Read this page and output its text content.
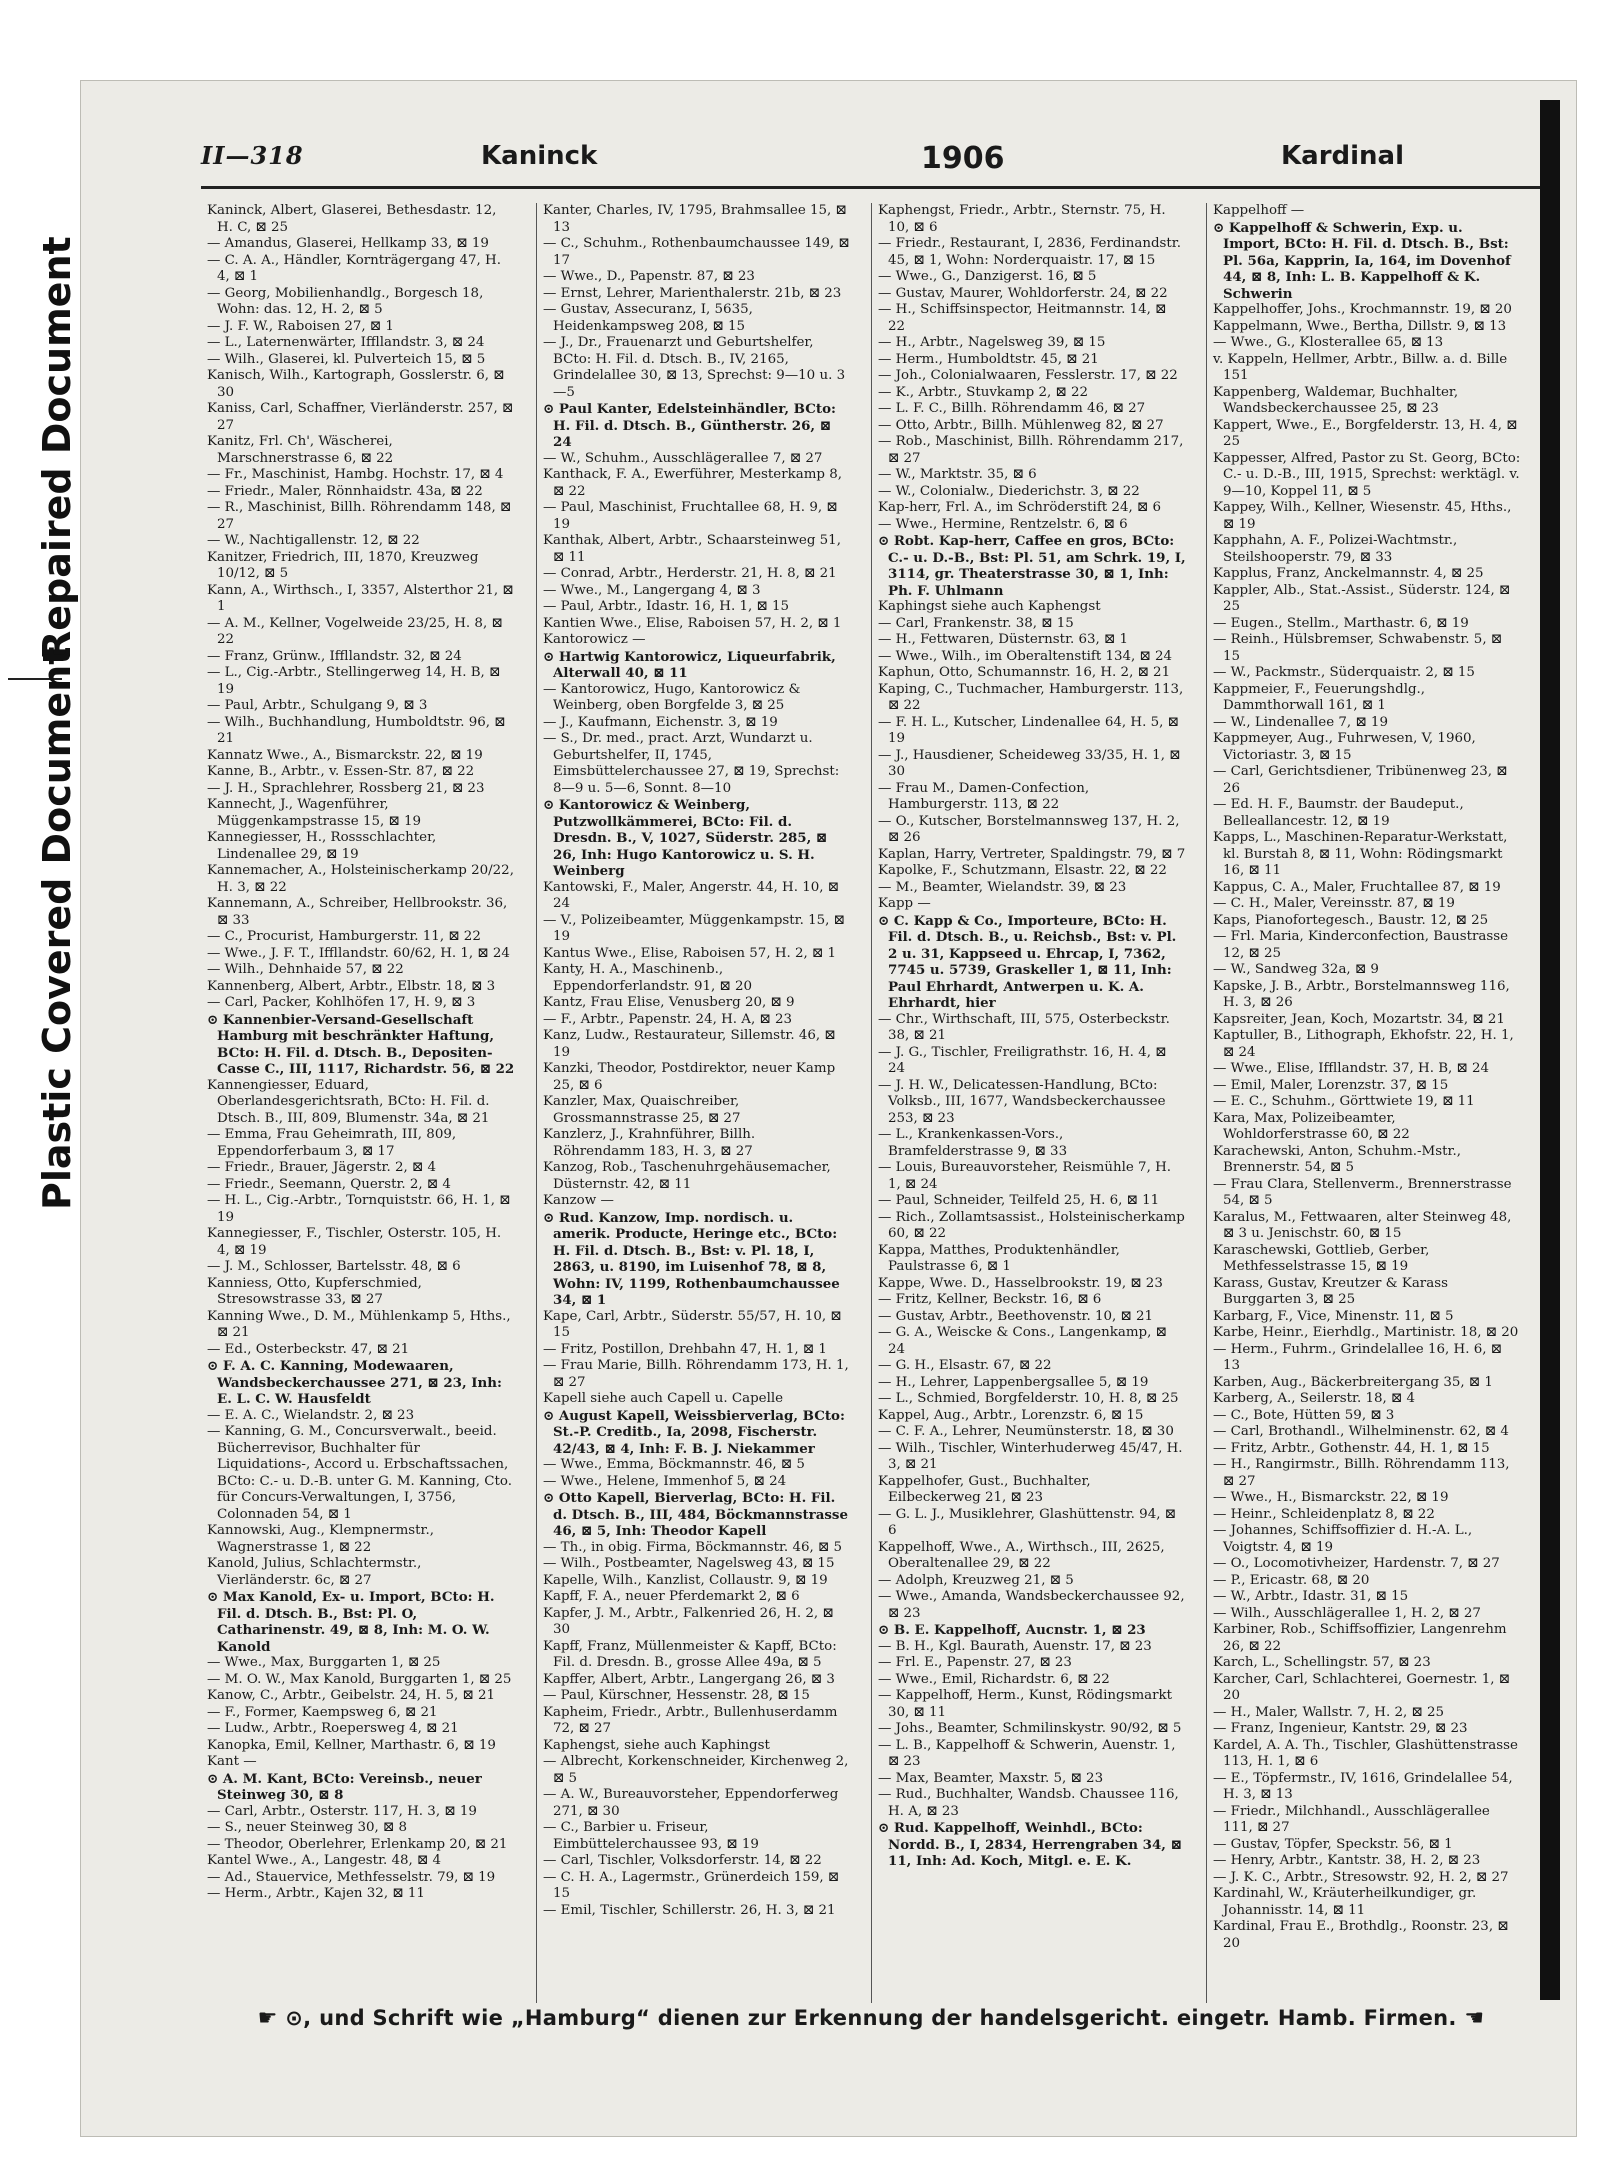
Repaired Document
Plastic Covered Document
II—318	Kaninck	1906	Kardinal

Kaninck, Albert, Glaserei, Bethesdastr. 12, H. C, ⊠ 25

— Amandus, Glaserei, Hellkamp 33, ⊠ 19

— C. A. A., Händler, Kornträgergang 47, H. 4, ⊠ 1

— Georg, Mobilienhandlg., Borgesch 18, Wohn: das. 12, H. 2, ⊠ 5

— J. F. W., Raboisen 27, ⊠ 1

— L., Laternenwärter, Iffllandstr. 3, ⊠ 24

— Wilh., Glaserei, kl. Pulverteich 15, ⊠ 5

Kanisch, Wilh., Kartograph, Gosslerstr. 6, ⊠ 30

Kaniss, Carl, Schaffner, Vierländerstr. 257, ⊠ 27

Kanitz, Frl. Ch', Wäscherei, Marschnerstrasse 6, ⊠ 22

— Fr., Maschinist, Hambg. Hochstr. 17, ⊠ 4

— Friedr., Maler, Rönnhaidstr. 43a, ⊠ 22

— R., Maschinist, Billh. Röhrendamm 148, ⊠ 27

— W., Nachtigallenstr. 12, ⊠ 22

Kanitzer, Friedrich, III, 1870, Kreuzweg 10/12, ⊠ 5

Kann, A., Wirthsch., I, 3357, Alsterthor 21, ⊠ 1

— A. M., Kellner, Vogelweide 23/25, H. 8, ⊠ 22

— Franz, Grünw., Iffllandstr. 32, ⊠ 24

— L., Cig.-Arbtr., Stellingerweg 14, H. B, ⊠ 19

— Paul, Arbtr., Schulgang 9, ⊠ 3

— Wilh., Buchhandlung, Humboldtstr. 96, ⊠ 21

Kannatz Wwe., A., Bismarckstr. 22, ⊠ 19

Kanne, B., Arbtr., v. Essen-Str. 87, ⊠ 22

— J. H., Sprachlehrer, Rossberg 21, ⊠ 23

Kannecht, J., Wagenführer, Müggenkampstrasse 15, ⊠ 19

Kannegiesser, H., Rossschlachter, Lindenallee 29, ⊠ 19

Kannemacher, A., Holsteinischerkamp 20/22, H. 3, ⊠ 22

Kannemann, A., Schreiber, Hellbrookstr. 36, ⊠ 33

— C., Procurist, Hamburgerstr. 11, ⊠ 22

— Wwe., J. F. T., Iffllandstr. 60/62, H. 1, ⊠ 24

— Wilh., Dehnhaide 57, ⊠ 22

Kannenberg, Albert, Arbtr., Elbstr. 18, ⊠ 3

— Carl, Packer, Kohlhöfen 17, H. 9, ⊠ 3

⊙ Kannenbier-Versand-Gesellschaft Hamburg mit beschränkter Haftung, BCto: H. Fil. d. Dtsch. B., Depositen-Casse C., III, 1117, Richardstr. 56, ⊠ 22

Kannengiesser, Eduard, Oberlandesgerichtsrath, BCto: H. Fil. d. Dtsch. B., III, 809, Blumenstr. 34a, ⊠ 21

— Emma, Frau Geheimrath, III, 809, Eppendorferbaum 3, ⊠ 17

— Friedr., Brauer, Jägerstr. 2, ⊠ 4

— Friedr., Seemann, Querstr. 2, ⊠ 4

— H. L., Cig.-Arbtr., Tornquiststr. 66, H. 1, ⊠ 19

Kannegiesser, F., Tischler, Osterstr. 105, H. 4, ⊠ 19

— J. M., Schlosser, Bartelsstr. 48, ⊠ 6

Kanniess, Otto, Kupferschmied, Stresowstrasse 33, ⊠ 27

Kanning Wwe., D. M., Mühlenkamp 5, Hths., ⊠ 21

— Ed., Osterbeckstr. 47, ⊠ 21

⊙ F. A. C. Kanning, Modewaaren, Wandsbeckerchaussee 271, ⊠ 23, Inh: E. L. C. W. Hausfeldt

— E. A. C., Wielandstr. 2, ⊠ 23

— Kanning, G. M., Concursverwalt., beeid. Bücherrevisor, Buchhalter für Liquidations-, Accord u. Erbschaftssachen, BCto: C.- u. D.-B. unter G. M. Kanning, Cto. für Concurs-Verwaltungen, I, 3756, Colonnaden 54, ⊠ 1

Kannowski, Aug., Klempnermstr., Wagnerstrasse 1, ⊠ 22

Kanold, Julius, Schlachtermstr., Vierländerstr. 6c, ⊠ 27

⊙ Max Kanold, Ex- u. Import, BCto: H. Fil. d. Dtsch. B., Bst: Pl. O, Catharinenstr. 49, ⊠ 8, Inh: M. O. W. Kanold

— Wwe., Max, Burggarten 1, ⊠ 25

— M. O. W., Max Kanold, Burggarten 1, ⊠ 25

Kanow, C., Arbtr., Geibelstr. 24, H. 5, ⊠ 21

— F., Former, Kaempsweg 6, ⊠ 21

— Ludw., Arbtr., Roepersweg 4, ⊠ 21

Kanopka, Emil, Kellner, Marthastr. 6, ⊠ 19

Kant —

⊙ A. M. Kant, BCto: Vereinsb., neuer Steinweg 30, ⊠ 8

— Carl, Arbtr., Osterstr. 117, H. 3, ⊠ 19

— S., neuer Steinweg 30, ⊠ 8

— Theodor, Oberlehrer, Erlenkamp 20, ⊠ 21

Kantel Wwe., A., Langestr. 48, ⊠ 4

— Ad., Stauervice, Methfesselstr. 79, ⊠ 19

— Herm., Arbtr., Kajen 32, ⊠ 11

Kanter, Charles, IV, 1795, Brahmsallee 15, ⊠ 13

— C., Schuhm., Rothenbaumchaussee 149, ⊠ 17

— Wwe., D., Papenstr. 87, ⊠ 23

— Ernst, Lehrer, Marienthalerstr. 21b, ⊠ 23

— Gustav, Assecuranz, I, 5635, Heidenkampsweg 208, ⊠ 15

— J., Dr., Frauenarzt und Geburtshelfer, BCto: H. Fil. d. Dtsch. B., IV, 2165, Grindelallee 30, ⊠ 13, Sprechst: 9—10 u. 3—5

⊙ Paul Kanter, Edelsteinhändler, BCto: H. Fil. d. Dtsch. B., Güntherstr. 26, ⊠ 24

— W., Schuhm., Ausschlägerallee 7, ⊠ 27

Kanthack, F. A., Ewerführer, Mesterkamp 8, ⊠ 22

— Paul, Maschinist, Fruchtallee 68, H. 9, ⊠ 19

Kanthak, Albert, Arbtr., Schaarsteinweg 51, ⊠ 11

— Conrad, Arbtr., Herderstr. 21, H. 8, ⊠ 21

— Wwe., M., Langergang 4, ⊠ 3

— Paul, Arbtr., Idastr. 16, H. 1, ⊠ 15

Kantien Wwe., Elise, Raboisen 57, H. 2, ⊠ 1

Kantorowicz —

⊙ Hartwig Kantorowicz, Liqueurfabrik, Alterwall 40, ⊠ 11

— Kantorowicz, Hugo, Kantorowicz & Weinberg, oben Borgfelde 3, ⊠ 25

— J., Kaufmann, Eichenstr. 3, ⊠ 19

— S., Dr. med., pract. Arzt, Wundarzt u. Geburtshelfer, II, 1745, Eimsbüttelerchaussee 27, ⊠ 19, Sprechst: 8—9 u. 5—6, Sonnt. 8—10

⊙ Kantorowicz & Weinberg, Putzwollkämmerei, BCto: Fil. d. Dresdn. B., V, 1027, Süderstr. 285, ⊠ 26, Inh: Hugo Kantorowicz u. S. H. Weinberg

Kantowski, F., Maler, Angerstr. 44, H. 10, ⊠ 24

— V., Polizeibeamter, Müggenkampstr. 15, ⊠ 19

Kantus Wwe., Elise, Raboisen 57, H. 2, ⊠ 1

Kanty, H. A., Maschinenb., Eppendorferlandstr. 91, ⊠ 20

Kantz, Frau Elise, Venusberg 20, ⊠ 9

— F., Arbtr., Papenstr. 24, H. A, ⊠ 23

Kanz, Ludw., Restaurateur, Sillemstr. 46, ⊠ 19

Kanzki, Theodor, Postdirektor, neuer Kamp 25, ⊠ 6

Kanzler, Max, Quaischreiber, Grossmannstrasse 25, ⊠ 27

Kanzlerz, J., Krahnführer, Billh. Röhrendamm 183, H. 3, ⊠ 27

Kanzog, Rob., Taschenuhrgehäusemacher, Düsternstr. 42, ⊠ 11

Kanzow —

⊙ Rud. Kanzow, Imp. nordisch. u. amerik. Producte, Heringe etc., BCto: H. Fil. d. Dtsch. B., Bst: v. Pl. 18, I, 2863, u. 8190, im Luisenhof 78, ⊠ 8, Wohn: IV, 1199, Rothenbaumchaussee 34, ⊠ 1

Kape, Carl, Arbtr., Süderstr. 55/57, H. 10, ⊠ 15

— Fritz, Postillon, Drehbahn 47, H. 1, ⊠ 1

— Frau Marie, Billh. Röhrendamm 173, H. 1, ⊠ 27

Kapell siehe auch Capell u. Capelle

⊙ August Kapell, Weissbierverlag, BCto: St.-P. Creditb., Ia, 2098, Fischerstr. 42/43, ⊠ 4, Inh: F. B. J. Niekammer

— Wwe., Emma, Böckmannstr. 46, ⊠ 5

— Wwe., Helene, Immenhof 5, ⊠ 24

⊙ Otto Kapell, Bierverlag, BCto: H. Fil. d. Dtsch. B., III, 484, Böckmannstrasse 46, ⊠ 5, Inh: Theodor Kapell

— Th., in obig. Firma, Böckmannstr. 46, ⊠ 5

— Wilh., Postbeamter, Nagelsweg 43, ⊠ 15

Kapelle, Wilh., Kanzlist, Collaustr. 9, ⊠ 19

Kapff, F. A., neuer Pferdemarkt 2, ⊠ 6

Kapfer, J. M., Arbtr., Falkenried 26, H. 2, ⊠ 30

Kapff, Franz, Müllenmeister & Kapff, BCto: Fil. d. Dresdn. B., grosse Allee 49a, ⊠ 5

Kapffer, Albert, Arbtr., Langergang 26, ⊠ 3

— Paul, Kürschner, Hessenstr. 28, ⊠ 15

Kapheim, Friedr., Arbtr., Bullenhuserdamm 72, ⊠ 27

Kaphengst, siehe auch Kaphingst

— Albrecht, Korkenschneider, Kirchenweg 2, ⊠ 5

— A. W., Bureauvorsteher, Eppendorferweg 271, ⊠ 30

— C., Barbier u. Friseur, Eimbüttelerchaussee 93, ⊠ 19

— Carl, Tischler, Volksdorferstr. 14, ⊠ 22

— C. H. A., Lagermstr., Grünerdeich 159, ⊠ 15

— Emil, Tischler, Schillerstr. 26, H. 3, ⊠ 21

Kaphengst, Friedr., Arbtr., Sternstr. 75, H. 10, ⊠ 6

— Friedr., Restaurant, I, 2836, Ferdinandstr. 45, ⊠ 1, Wohn: Norderquaistr. 17, ⊠ 15

— Wwe., G., Danzigerst. 16, ⊠ 5

— Gustav, Maurer, Wohldorferstr. 24, ⊠ 22

— H., Schiffsinspector, Heitmannstr. 14, ⊠ 22

— H., Arbtr., Nagelsweg 39, ⊠ 15

— Herm., Humboldtstr. 45, ⊠ 21

— Joh., Colonialwaaren, Fesslerstr. 17, ⊠ 22

— K., Arbtr., Stuvkamp 2, ⊠ 22

— L. F. C., Billh. Röhrendamm 46, ⊠ 27

— Otto, Arbtr., Billh. Mühlenweg 82, ⊠ 27

— Rob., Maschinist, Billh. Röhrendamm 217, ⊠ 27

— W., Marktstr. 35, ⊠ 6

— W., Colonialw., Diederichstr. 3, ⊠ 22

Kap-herr, Frl. A., im Schröderstift 24, ⊠ 6

— Wwe., Hermine, Rentzelstr. 6, ⊠ 6

⊙ Robt. Kap-herr, Caffee en gros, BCto: C.- u. D.-B., Bst: Pl. 51, am Schrk. 19, I, 3114, gr. Theaterstrasse 30, ⊠ 1, Inh: Ph. F. Uhlmann

Kaphingst siehe auch Kaphengst

— Carl, Frankenstr. 38, ⊠ 15

— H., Fettwaren, Düsternstr. 63, ⊠ 1

— Wwe., Wilh., im Oberaltenstift 134, ⊠ 24

Kaphun, Otto, Schumannstr. 16, H. 2, ⊠ 21

Kaping, C., Tuchmacher, Hamburgerstr. 113, ⊠ 22

— F. H. L., Kutscher, Lindenallee 64, H. 5, ⊠ 19

— J., Hausdiener, Scheideweg 33/35, H. 1, ⊠ 30

— Frau M., Damen-Confection, Hamburgerstr. 113, ⊠ 22

— O., Kutscher, Borstelmannsweg 137, H. 2, ⊠ 26

Kaplan, Harry, Vertreter, Spaldingstr. 79, ⊠ 7

Kapolke, F., Schutzmann, Elsastr. 22, ⊠ 22

— M., Beamter, Wielandstr. 39, ⊠ 23

Kapp —

⊙ C. Kapp & Co., Importeure, BCto: H. Fil. d. Dtsch. B., u. Reichsb., Bst: v. Pl. 2 u. 31, Kappseed u. Ehrcap, I, 7362, 7745 u. 5739, Graskeller 1, ⊠ 11, Inh: Paul Ehrhardt, Antwerpen u. K. A. Ehrhardt, hier

— Chr., Wirthschaft, III, 575, Osterbeckstr. 38, ⊠ 21

— J. G., Tischler, Freiligrathstr. 16, H. 4, ⊠ 24

— J. H. W., Delicatessen-Handlung, BCto: Volksb., III, 1677, Wandsbeckerchaussee 253, ⊠ 23

— L., Krankenkassen-Vors., Bramfelderstrasse 9, ⊠ 33

— Louis, Bureauvorsteher, Reismühle 7, H. 1, ⊠ 24

— Paul, Schneider, Teilfeld 25, H. 6, ⊠ 11

— Rich., Zollamtsassist., Holsteinischerkamp 60, ⊠ 22

Kappa, Matthes, Produktenhändler, Paulstrasse 6, ⊠ 1

Kappe, Wwe. D., Hasselbrookstr. 19, ⊠ 23

— Fritz, Kellner, Beckstr. 16, ⊠ 6

— Gustav, Arbtr., Beethovenstr. 10, ⊠ 21

— G. A., Weiscke & Cons., Langenkamp, ⊠ 24

— G. H., Elsastr. 67, ⊠ 22

— H., Lehrer, Lappenbergsallee 5, ⊠ 19

— L., Schmied, Borgfelderstr. 10, H. 8, ⊠ 25

Kappel, Aug., Arbtr., Lorenzstr. 6, ⊠ 15

— C. F. A., Lehrer, Neumünsterstr. 18, ⊠ 30

— Wilh., Tischler, Winterhuderweg 45/47, H. 3, ⊠ 21

Kappelhofer, Gust., Buchhalter, Eilbeckerweg 21, ⊠ 23

— G. L. J., Musiklehrer, Glashüttenstr. 94, ⊠ 6

Kappelhoff, Wwe., A., Wirthsch., III, 2625, Oberaltenallee 29, ⊠ 22

— Adolph, Kreuzweg 21, ⊠ 5

— Wwe., Amanda, Wandsbeckerchaussee 92, ⊠ 23

⊙ B. E. Kappelhoff, Aucnstr. 1, ⊠ 23

— B. H., Kgl. Baurath, Auenstr. 17, ⊠ 23

— Frl. E., Papenstr. 27, ⊠ 23

— Wwe., Emil, Richardstr. 6, ⊠ 22

— Kappelhoff, Herm., Kunst, Rödingsmarkt 30, ⊠ 11

— Johs., Beamter, Schmilinskystr. 90/92, ⊠ 5

— L. B., Kappelhoff & Schwerin, Auenstr. 1, ⊠ 23

— Max, Beamter, Maxstr. 5, ⊠ 23

— Rud., Buchhalter, Wandsb. Chaussee 116, H. A, ⊠ 23

⊙ Rud. Kappelhoff, Weinhdl., BCto: Nordd. B., I, 2834, Herrengraben 34, ⊠ 11, Inh: Ad. Koch, Mitgl. e. E. K.

Kappelhoff —

⊙ Kappelhoff & Schwerin, Exp. u. Import, BCto: H. Fil. d. Dtsch. B., Bst: Pl. 56a, Kapprin, Ia, 164, im Dovenhof 44, ⊠ 8, Inh: L. B. Kappelhoff & K. Schwerin

Kappelhoffer, Johs., Krochmannstr. 19, ⊠ 20

Kappelmann, Wwe., Bertha, Dillstr. 9, ⊠ 13

— Wwe., G., Klosterallee 65, ⊠ 13

v. Kappeln, Hellmer, Arbtr., Billw. a. d. Bille 151

Kappenberg, Waldemar, Buchhalter, Wandsbeckerchaussee 25, ⊠ 23

Kappert, Wwe., E., Borgfelderstr. 13, H. 4, ⊠ 25

Kappesser, Alfred, Pastor zu St. Georg, BCto: C.- u. D.-B., III, 1915, Sprechst: werktägl. v. 9—10, Koppel 11, ⊠ 5

Kappey, Wilh., Kellner, Wiesenstr. 45, Hths., ⊠ 19

Kapphahn, A. F., Polizei-Wachtmstr., Steilshooperstr. 79, ⊠ 33

Kapplus, Franz, Anckelmannstr. 4, ⊠ 25

Kappler, Alb., Stat.-Assist., Süderstr. 124, ⊠ 25

— Eugen., Stellm., Marthastr. 6, ⊠ 19

— Reinh., Hülsbremser, Schwabenstr. 5, ⊠ 15

— W., Packmstr., Süderquaistr. 2, ⊠ 15

Kappmeier, F., Feuerungshdlg., Dammthorwall 161, ⊠ 1

— W., Lindenallee 7, ⊠ 19

Kappmeyer, Aug., Fuhrwesen, V, 1960, Victoriastr. 3, ⊠ 15

— Carl, Gerichtsdiener, Tribünenweg 23, ⊠ 26

— Ed. H. F., Baumstr. der Baudeput., Belleallancestr. 12, ⊠ 19

Kapps, L., Maschinen-Reparatur-Werkstatt, kl. Burstah 8, ⊠ 11, Wohn: Rödingsmarkt 16, ⊠ 11

Kappus, C. A., Maler, Fruchtallee 87, ⊠ 19

— C. H., Maler, Vereinsstr. 87, ⊠ 19

Kaps, Pianofortegesch., Baustr. 12, ⊠ 25

— Frl. Maria, Kinderconfection, Baustrasse 12, ⊠ 25

— W., Sandweg 32a, ⊠ 9

Kapske, J. B., Arbtr., Borstelmannsweg 116, H. 3, ⊠ 26

Kapsreiter, Jean, Koch, Mozartstr. 34, ⊠ 21

Kaptuller, B., Lithograph, Ekhofstr. 22, H. 1, ⊠ 24

— Wwe., Elise, Iffllandstr. 37, H. B, ⊠ 24

— Emil, Maler, Lorenzstr. 37, ⊠ 15

— E. C., Schuhm., Görttwiete 19, ⊠ 11

Kara, Max, Polizeibeamter, Wohldorferstrasse 60, ⊠ 22

Karachewski, Anton, Schuhm.-Mstr., Brennerstr. 54, ⊠ 5

— Frau Clara, Stellenverm., Brennerstrasse 54, ⊠ 5

Karalus, M., Fettwaaren, alter Steinweg 48, ⊠ 3 u. Jenischstr. 60, ⊠ 15

Karaschewski, Gottlieb, Gerber, Methfesselstrasse 15, ⊠ 19

Karass, Gustav, Kreutzer & Karass Burggarten 3, ⊠ 25

Karbarg, F., Vice, Minenstr. 11, ⊠ 5

Karbe, Heinr., Eierhdlg., Martinistr. 18, ⊠ 20

— Herm., Fuhrm., Grindelallee 16, H. 6, ⊠ 13

Karben, Aug., Bäckerbreitergang 35, ⊠ 1

Karberg, A., Seilerstr. 18, ⊠ 4

— C., Bote, Hütten 59, ⊠ 3

— Carl, Brothandl., Wilhelminenstr. 62, ⊠ 4

— Fritz, Arbtr., Gothenstr. 44, H. 1, ⊠ 15

— H., Rangirmstr., Billh. Röhrendamm 113, ⊠ 27

— Wwe., H., Bismarckstr. 22, ⊠ 19

— Heinr., Schleidenplatz 8, ⊠ 22

— Johannes, Schiffsoffizier d. H.-A. L., Voigtstr. 4, ⊠ 19

— O., Locomotivheizer, Hardenstr. 7, ⊠ 27

— P., Ericastr. 68, ⊠ 20

— W., Arbtr., Idastr. 31, ⊠ 15

— Wilh., Ausschlägerallee 1, H. 2, ⊠ 27

Karbiner, Rob., Schiffsoffizier, Langenrehm 26, ⊠ 22

Karch, L., Schellingstr. 57, ⊠ 23

Karcher, Carl, Schlachterei, Goernestr. 1, ⊠ 20

— H., Maler, Wallstr. 7, H. 2, ⊠ 25

— Franz, Ingenieur, Kantstr. 29, ⊠ 23

Kardel, A. A. Th., Tischler, Glashüttenstrasse 113, H. 1, ⊠ 6

— E., Töpfermstr., IV, 1616, Grindelallee 54, H. 3, ⊠ 13

— Friedr., Milchhandl., Ausschlägerallee 111, ⊠ 27

— Gustav, Töpfer, Speckstr. 56, ⊠ 1

— Henry, Arbtr., Kantstr. 38, H. 2, ⊠ 23

— J. K. C., Arbtr., Stresowstr. 92, H. 2, ⊠ 27

Kardinahl, W., Kräuterheilkundiger, gr. Johannisstr. 14, ⊠ 11

Kardinal, Frau E., Brothdlg., Roonstr. 23, ⊠ 20

☛ ⊙, und Schrift wie „Hamburg“ dienen zur Erkennung der handelsgericht. eingetr. Hamb. Firmen. ☚
